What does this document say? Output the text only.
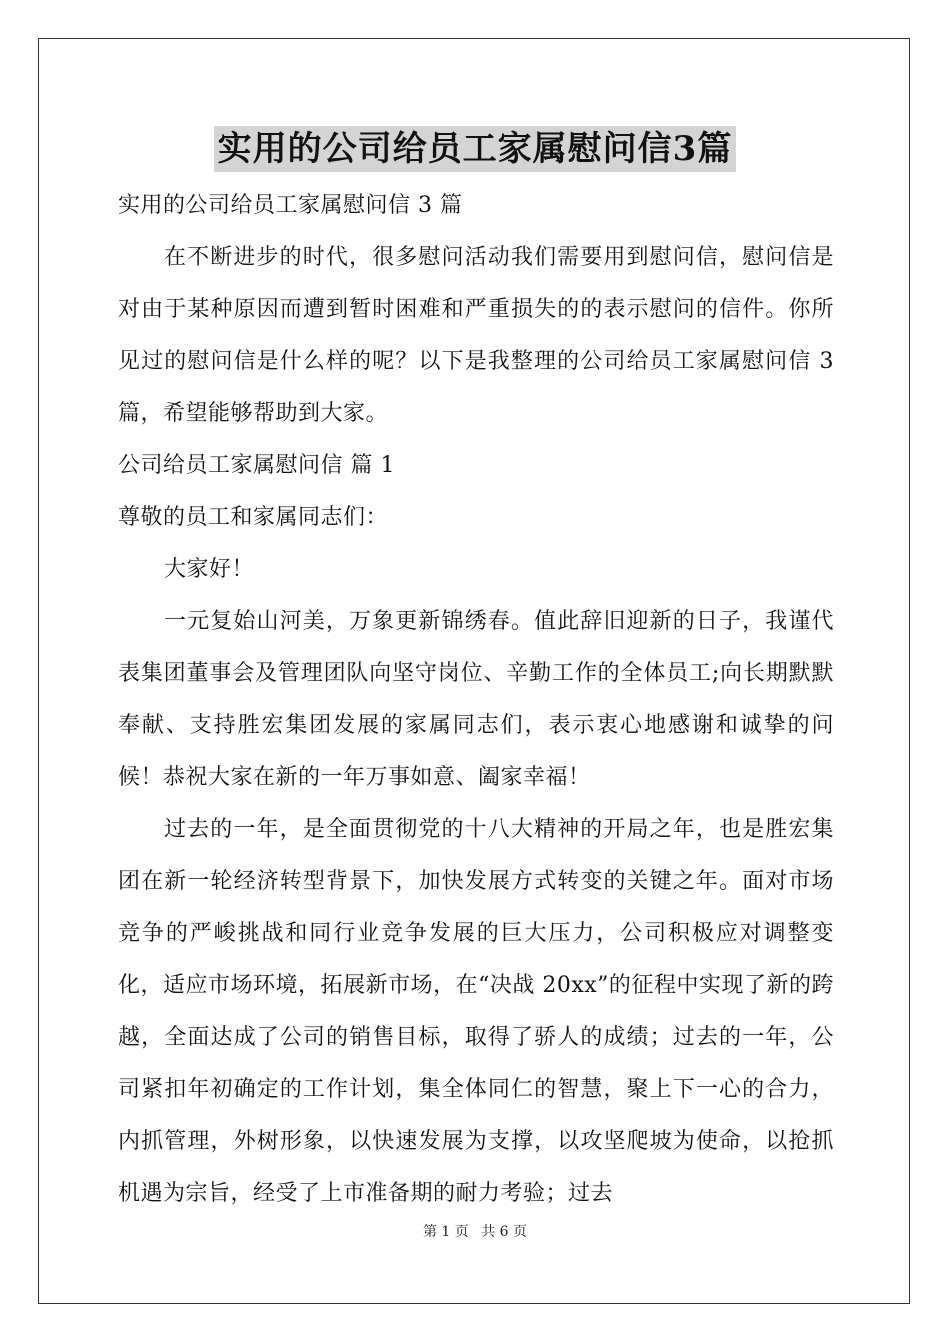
实用的公司给员工家属慰问信3篇

实用的公司给员工家属慰问信 3 篇

在不断进步的时代，很多慰问活动我们需要用到慰问信，慰问信是对由于某种原因而遭到暂时困难和严重损失的的表示慰问的信件。你所见过的慰问信是什么样的呢？以下是我整理的公司给员工家属慰问信 3 篇，希望能够帮助到大家。

公司给员工家属慰问信 篇 1

尊敬的员工和家属同志们：

大家好！

一元复始山河美，万象更新锦绣春。值此辞旧迎新的日子，我谨代表集团董事会及管理团队向坚守岗位、辛勤工作的全体员工;向长期默默奉献、支持胜宏集团发展的家属同志们，表示衷心地感谢和诚挚的问候！恭祝大家在新的一年万事如意、阖家幸福！

过去的一年，是全面贯彻党的十八大精神的开局之年，也是胜宏集团在新一轮经济转型背景下，加快发展方式转变的关键之年。面对市场竞争的严峻挑战和同行业竞争发展的巨大压力，公司积极应对调整变化，适应市场环境，拓展新市场，在“决战 20xx”的征程中实现了新的跨越，全面达成了公司的销售目标，取得了骄人的成绩；过去的一年，公司紧扣年初确定的工作计划，集全体同仁的智慧，聚上下一心的合力，内抓管理，外树形象，以快速发展为支撑，以攻坚爬坡为使命，以抢抓机遇为宗旨，经受了上市准备期的耐力考验；过去

第 1 页 共 6 页
